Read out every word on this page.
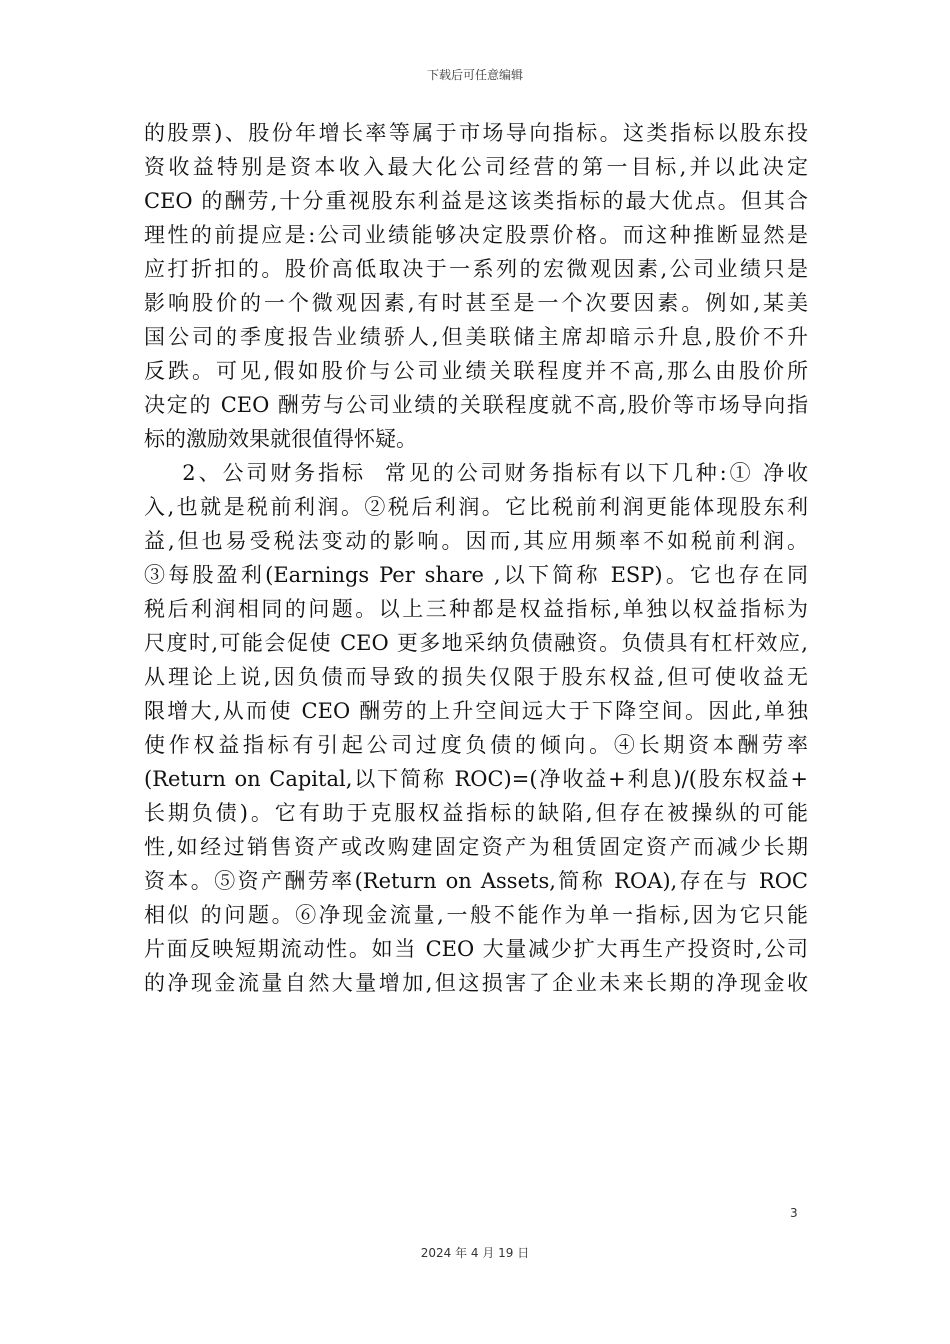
下载后可任意编辑
的股票)、股份年增长率等属于市场导向指标。这类指标以股东投
资收益特别是资本收入最大化公司经营的第一目标,并以此决定
CEO 的酬劳,十分重视股东利益是这该类指标的最大优点。但其合
理性的前提应是:公司业绩能够决定股票价格。而这种推断显然是
应打折扣的。股价高低取决于一系列的宏微观因素,公司业绩只是
影响股价的一个微观因素,有时甚至是一个次要因素。例如,某美
国公司的季度报告业绩骄人,但美联储主席却暗示升息,股价不升
反跌。可见,假如股价与公司业绩关联程度并不高,那么由股价所
决定的 CEO 酬劳与公司业绩的关联程度就不高,股价等市场导向指
标的激励效果就很值得怀疑。
2、公司财务指标  常见的公司财务指标有以下几种:① 净收
入,也就是税前利润。②税后利润。它比税前利润更能体现股东利
益,但也易受税法变动的影响。因而,其应用频率不如税前利润。
③每股盈利(Earnings Per share ,以下简称 ESP)。它也存在同
税后利润相同的问题。以上三种都是权益指标,单独以权益指标为
尺度时,可能会促使 CEO 更多地采纳负债融资。负债具有杠杆效应,
从理论上说,因负债而导致的损失仅限于股东权益,但可使收益无
限增大,从而使 CEO 酬劳的上升空间远大于下降空间。因此,单独
使作权益指标有引起公司过度负债的倾向。④长期资本酬劳率
(Return on Capital,以下简称 ROC)=(净收益+利息)/(股东权益+
长期负债)。它有助于克服权益指标的缺陷,但存在被操纵的可能
性,如经过销售资产或改购建固定资产为租赁固定资产而减少长期
资本。⑤资产酬劳率(Return on Assets,简称 ROA),存在与 ROC
相似 的问题。⑥净现金流量,一般不能作为单一指标,因为它只能
片面反映短期流动性。如当 CEO 大量减少扩大再生产投资时,公司
的净现金流量自然大量增加,但这损害了企业未来长期的净现金收
3
2024 年 4 月 19 日
